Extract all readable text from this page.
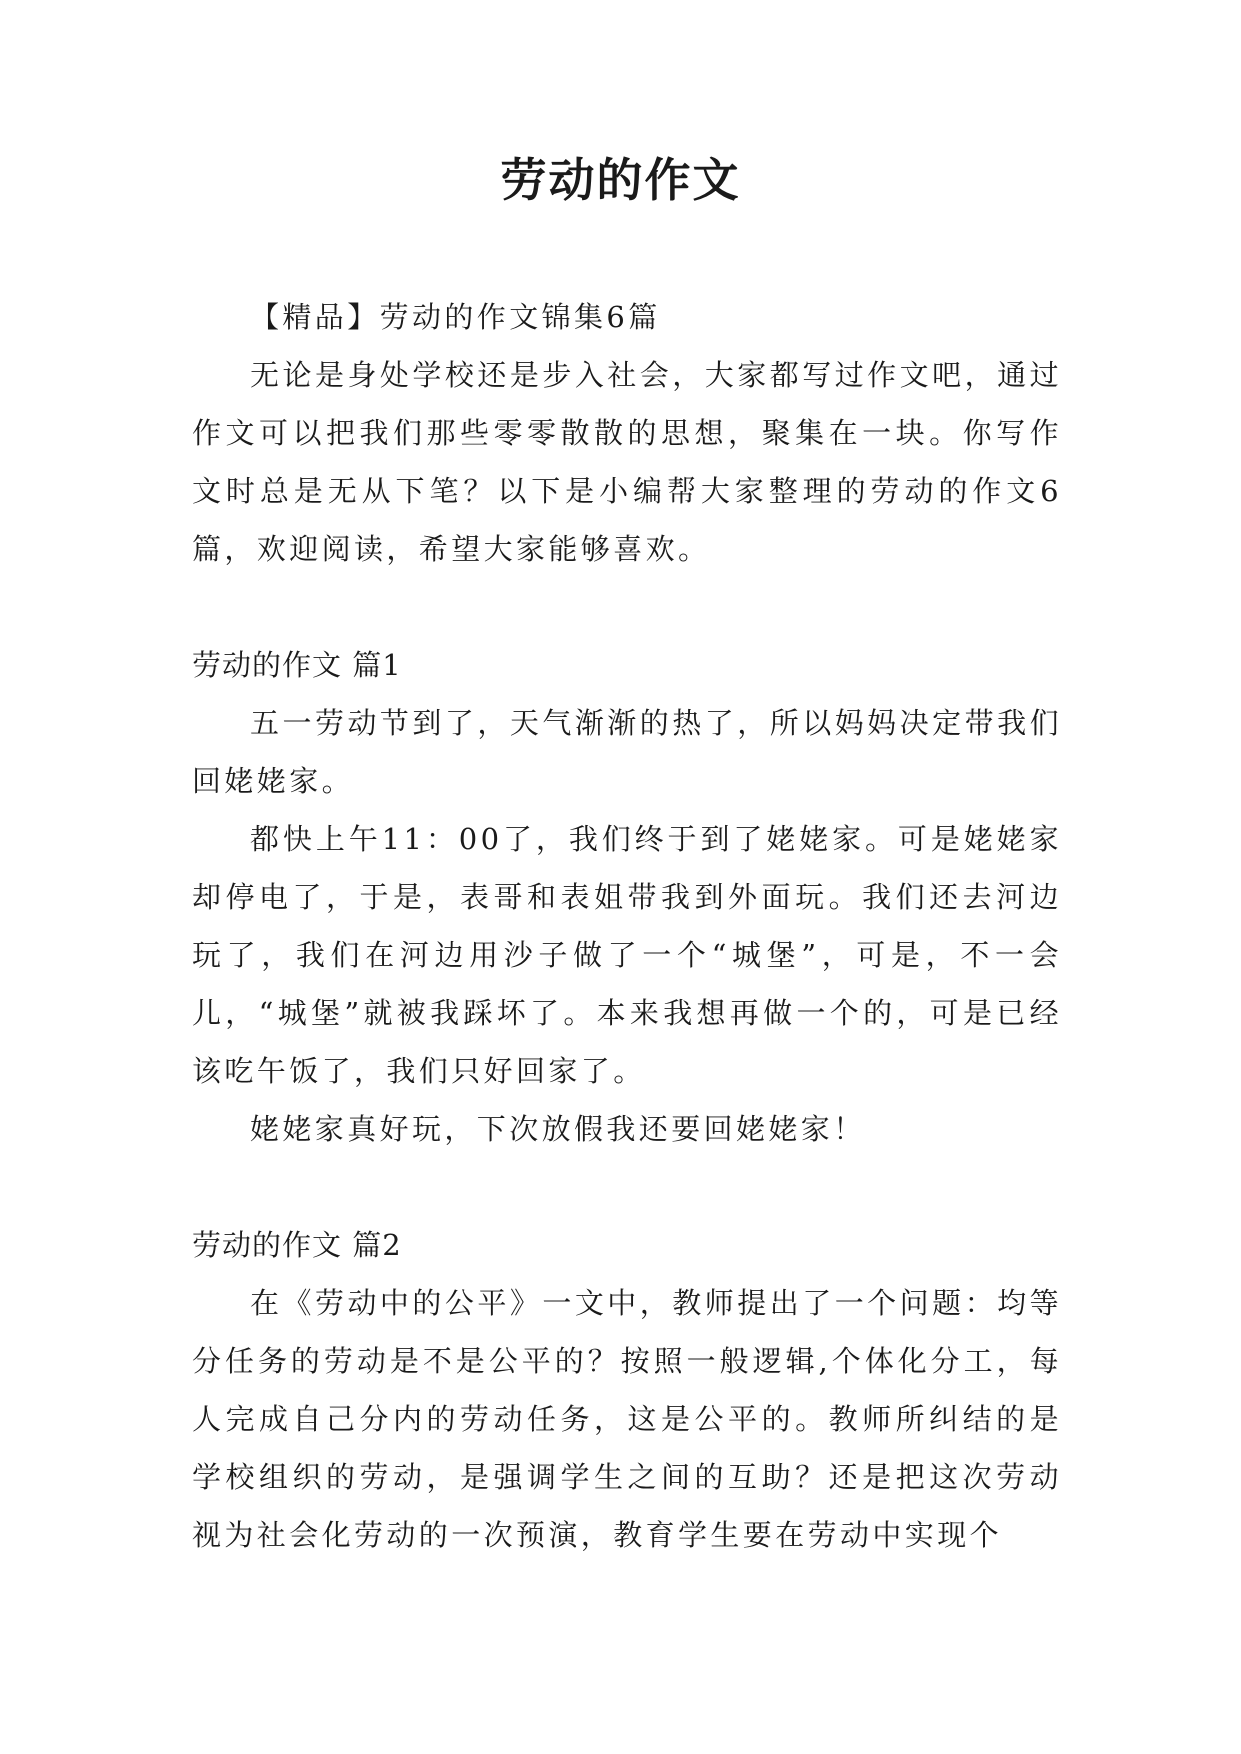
劳动的作文
【精品】劳动的作文锦集6篇

无论是身处学校还是步入社会，大家都写过作文吧，通过作文可以把我们那些零零散散的思想，聚集在一块。你写作文时总是无从下笔？以下是小编帮大家整理的劳动的作文6篇，欢迎阅读，希望大家能够喜欢。

劳动的作文 篇1

五一劳动节到了，天气渐渐的热了，所以妈妈决定带我们回姥姥家。

都快上午11：00了，我们终于到了姥姥家。可是姥姥家却停电了，于是，表哥和表姐带我到外面玩。我们还去河边玩了，我们在河边用沙子做了一个“城堡”，可是，不一会儿，“城堡”就被我踩坏了。本来我想再做一个的，可是已经该吃午饭了，我们只好回家了。

姥姥家真好玩，下次放假我还要回姥姥家！

劳动的作文 篇2

在《劳动中的公平》一文中，教师提出了一个问题：均等分任务的劳动是不是公平的？按照一般逻辑,个体化分工，每人完成自己分内的劳动任务，这是公平的。教师所纠结的是学校组织的劳动，是强调学生之间的互助？还是把这次劳动视为社会化劳动的一次预演，教育学生要在劳动中实现个
